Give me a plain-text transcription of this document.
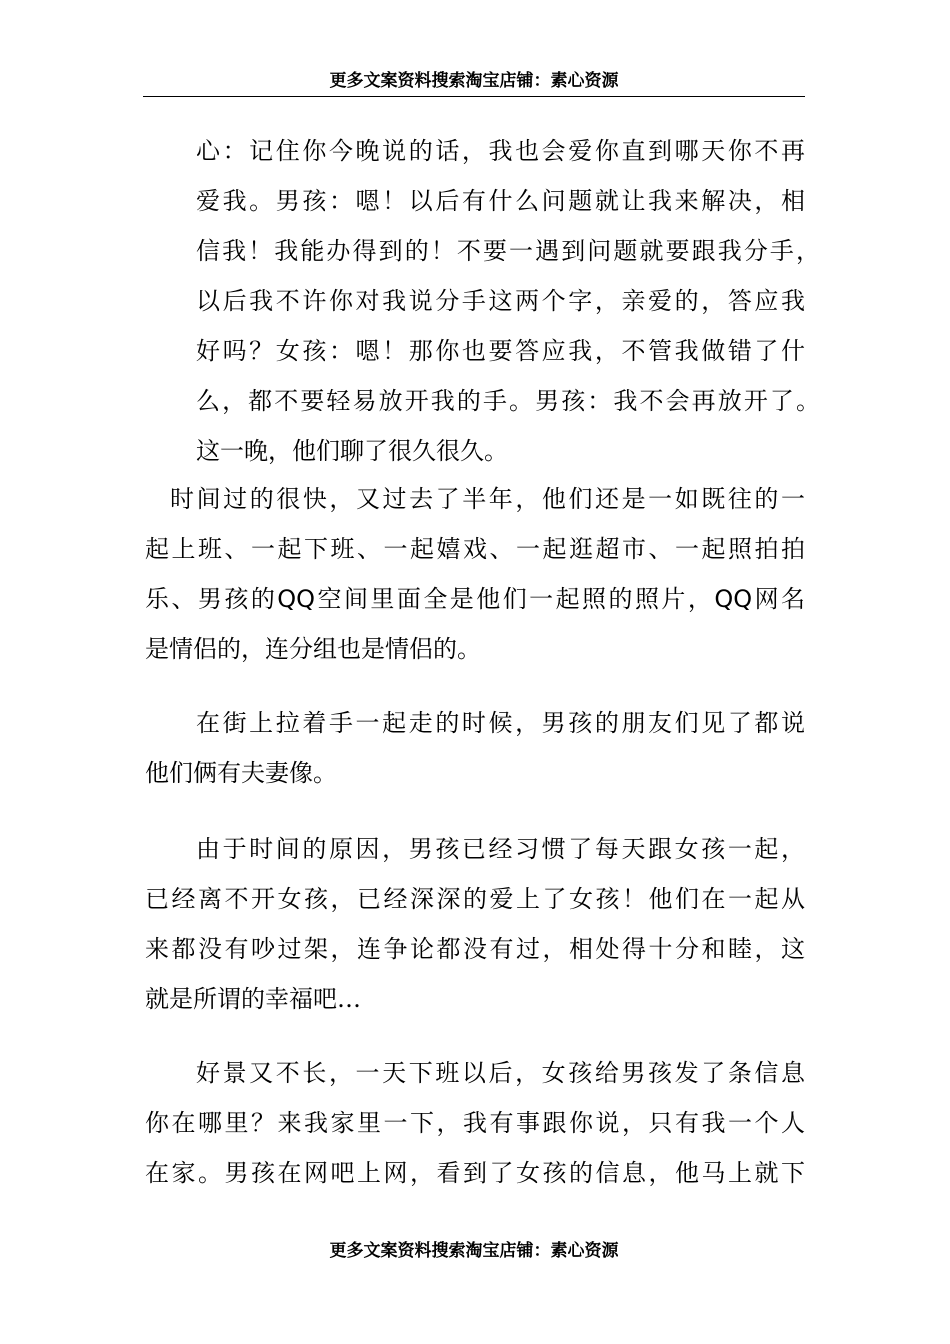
更多文案资料搜索淘宝店铺：素心资源

心：记住你今晚说的话，我也会爱你直到哪天你不再

爱我。男孩：嗯！以后有什么问题就让我来解决，相

信我！我能办得到的！不要一遇到问题就要跟我分手，

以后我不许你对我说分手这两个字，亲爱的，答应我

好吗？女孩：嗯！那你也要答应我，不管我做错了什

么，都不要轻易放开我的手。男孩：我不会再放开了。

这一晚，他们聊了很久很久。

时间过的很快，又过去了半年，他们还是一如既往的一

起上班、一起下班、一起嬉戏、一起逛超市、一起照拍拍

乐、男孩的QQ空间里面全是他们一起照的照片，QQ网名

是情侣的，连分组也是情侣的。

在街上拉着手一起走的时候，男孩的朋友们见了都说

他们俩有夫妻像。

由于时间的原因，男孩已经习惯了每天跟女孩一起，

已经离不开女孩，已经深深的爱上了女孩！他们在一起从

来都没有吵过架，连争论都没有过，相处得十分和睦，这

就是所谓的幸福吧…

好景又不长，一天下班以后，女孩给男孩发了条信息

你在哪里？来我家里一下，我有事跟你说，只有我一个人

在家。男孩在网吧上网，看到了女孩的信息，他马上就下

更多文案资料搜索淘宝店铺：素心资源
